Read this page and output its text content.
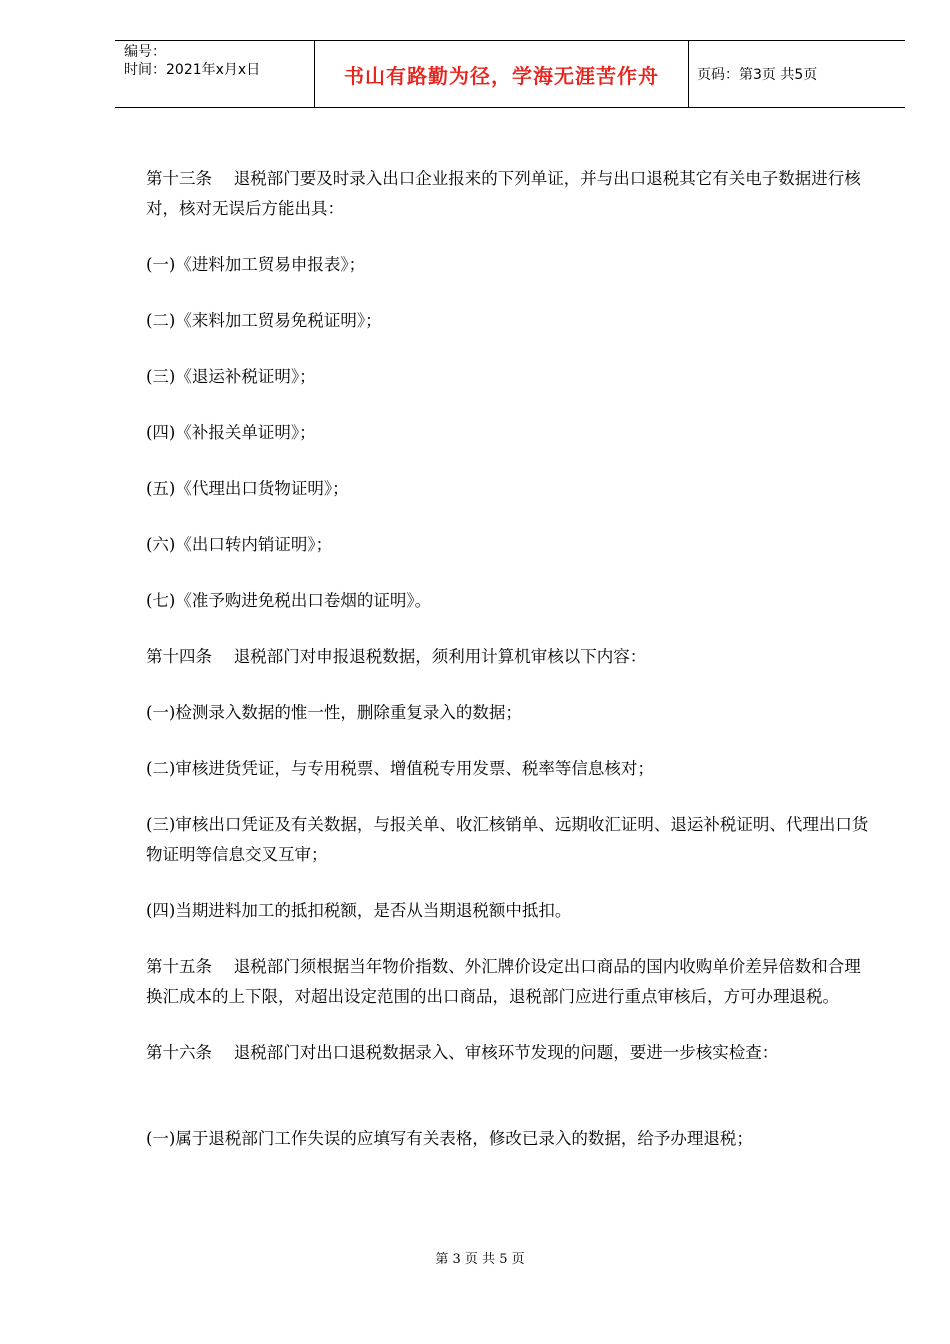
编号：
时间：2021年x月x日	书山有路勤为径，学海无涯苦作舟	页码：第3页 共5页

第十三条　 退税部门要及时录入出口企业报来的下列单证，并与出口退税其它有关电子数据进行核对，核对无误后方能出具：

(一)《进料加工贸易申报表》；

(二)《来料加工贸易免税证明》；

(三)《退运补税证明》；

(四)《补报关单证明》；

(五)《代理出口货物证明》；

(六)《出口转内销证明》；

(七)《准予购进免税出口卷烟的证明》。

第十四条　 退税部门对申报退税数据，须利用计算机审核以下内容：

(一)检测录入数据的惟一性，删除重复录入的数据；

(二)审核进货凭证，与专用税票、增值税专用发票、税率等信息核对；

(三)审核出口凭证及有关数据，与报关单、收汇核销单、远期收汇证明、退运补税证明、代理出口货物证明等信息交叉互审；

(四)当期进料加工的抵扣税额，是否从当期退税额中抵扣。

第十五条　 退税部门须根据当年物价指数、外汇牌价设定出口商品的国内收购单价差异倍数和合理换汇成本的上下限，对超出设定范围的出口商品，退税部门应进行重点审核后，方可办理退税。

第十六条　 退税部门对出口退税数据录入、审核环节发现的问题，要进一步核实检查：

(一)属于退税部门工作失误的应填写有关表格，修改已录入的数据，给予办理退税；

第 3 页 共 5 页
